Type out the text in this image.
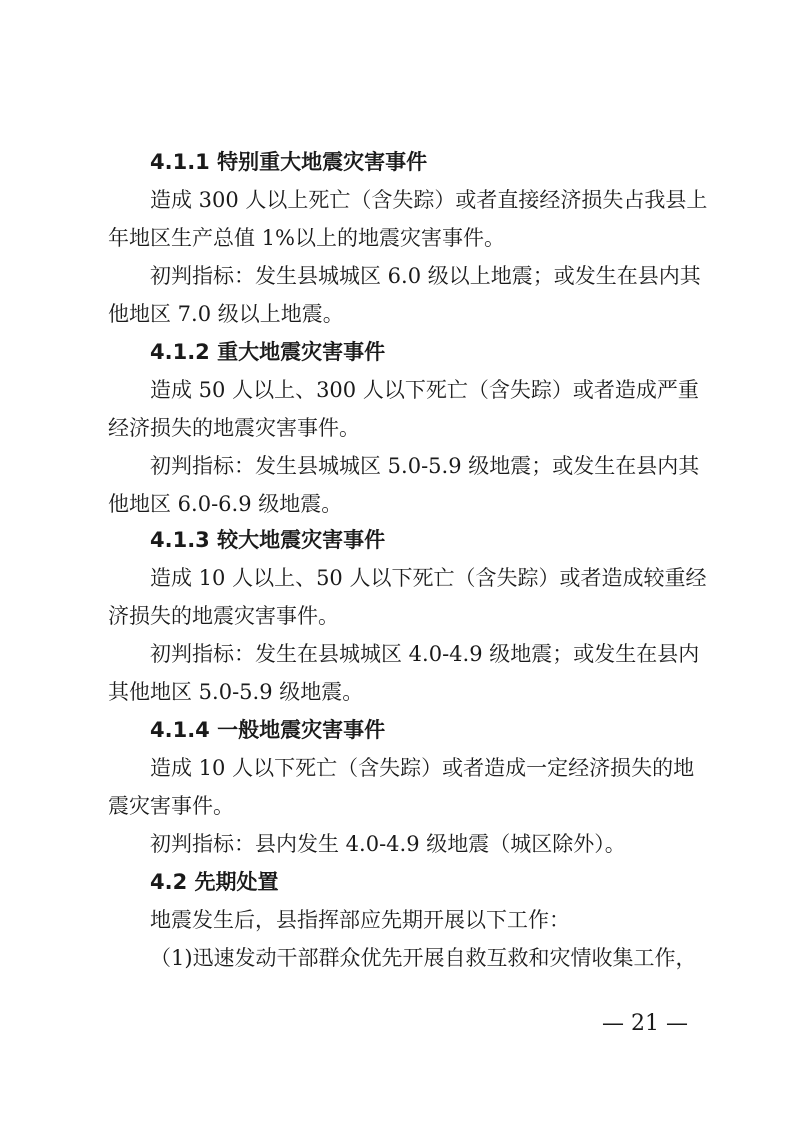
4.1.1 特别重大地震灾害事件
造成 300 人以上死亡（含失踪）或者直接经济损失占我县上
年地区生产总值 1%以上的地震灾害事件。
初判指标：发生县城城区 6.0 级以上地震；或发生在县内其
他地区 7.0 级以上地震。
4.1.2 重大地震灾害事件
造成 50 人以上、300 人以下死亡（含失踪）或者造成严重
经济损失的地震灾害事件。
初判指标：发生县城城区 5.0-5.9 级地震；或发生在县内其
他地区 6.0-6.9 级地震。
4.1.3 较大地震灾害事件
造成 10 人以上、50 人以下死亡（含失踪）或者造成较重经
济损失的地震灾害事件。
初判指标：发生在县城城区 4.0-4.9 级地震；或发生在县内
其他地区 5.0-5.9 级地震。
4.1.4 一般地震灾害事件
造成 10 人以下死亡（含失踪）或者造成一定经济损失的地
震灾害事件。
初判指标：县内发生 4.0-4.9 级地震（城区除外）。
4.2 先期处置
地震发生后，县指挥部应先期开展以下工作：
（1)迅速发动干部群众优先开展自救互救和灾情收集工作，
— 21 —
